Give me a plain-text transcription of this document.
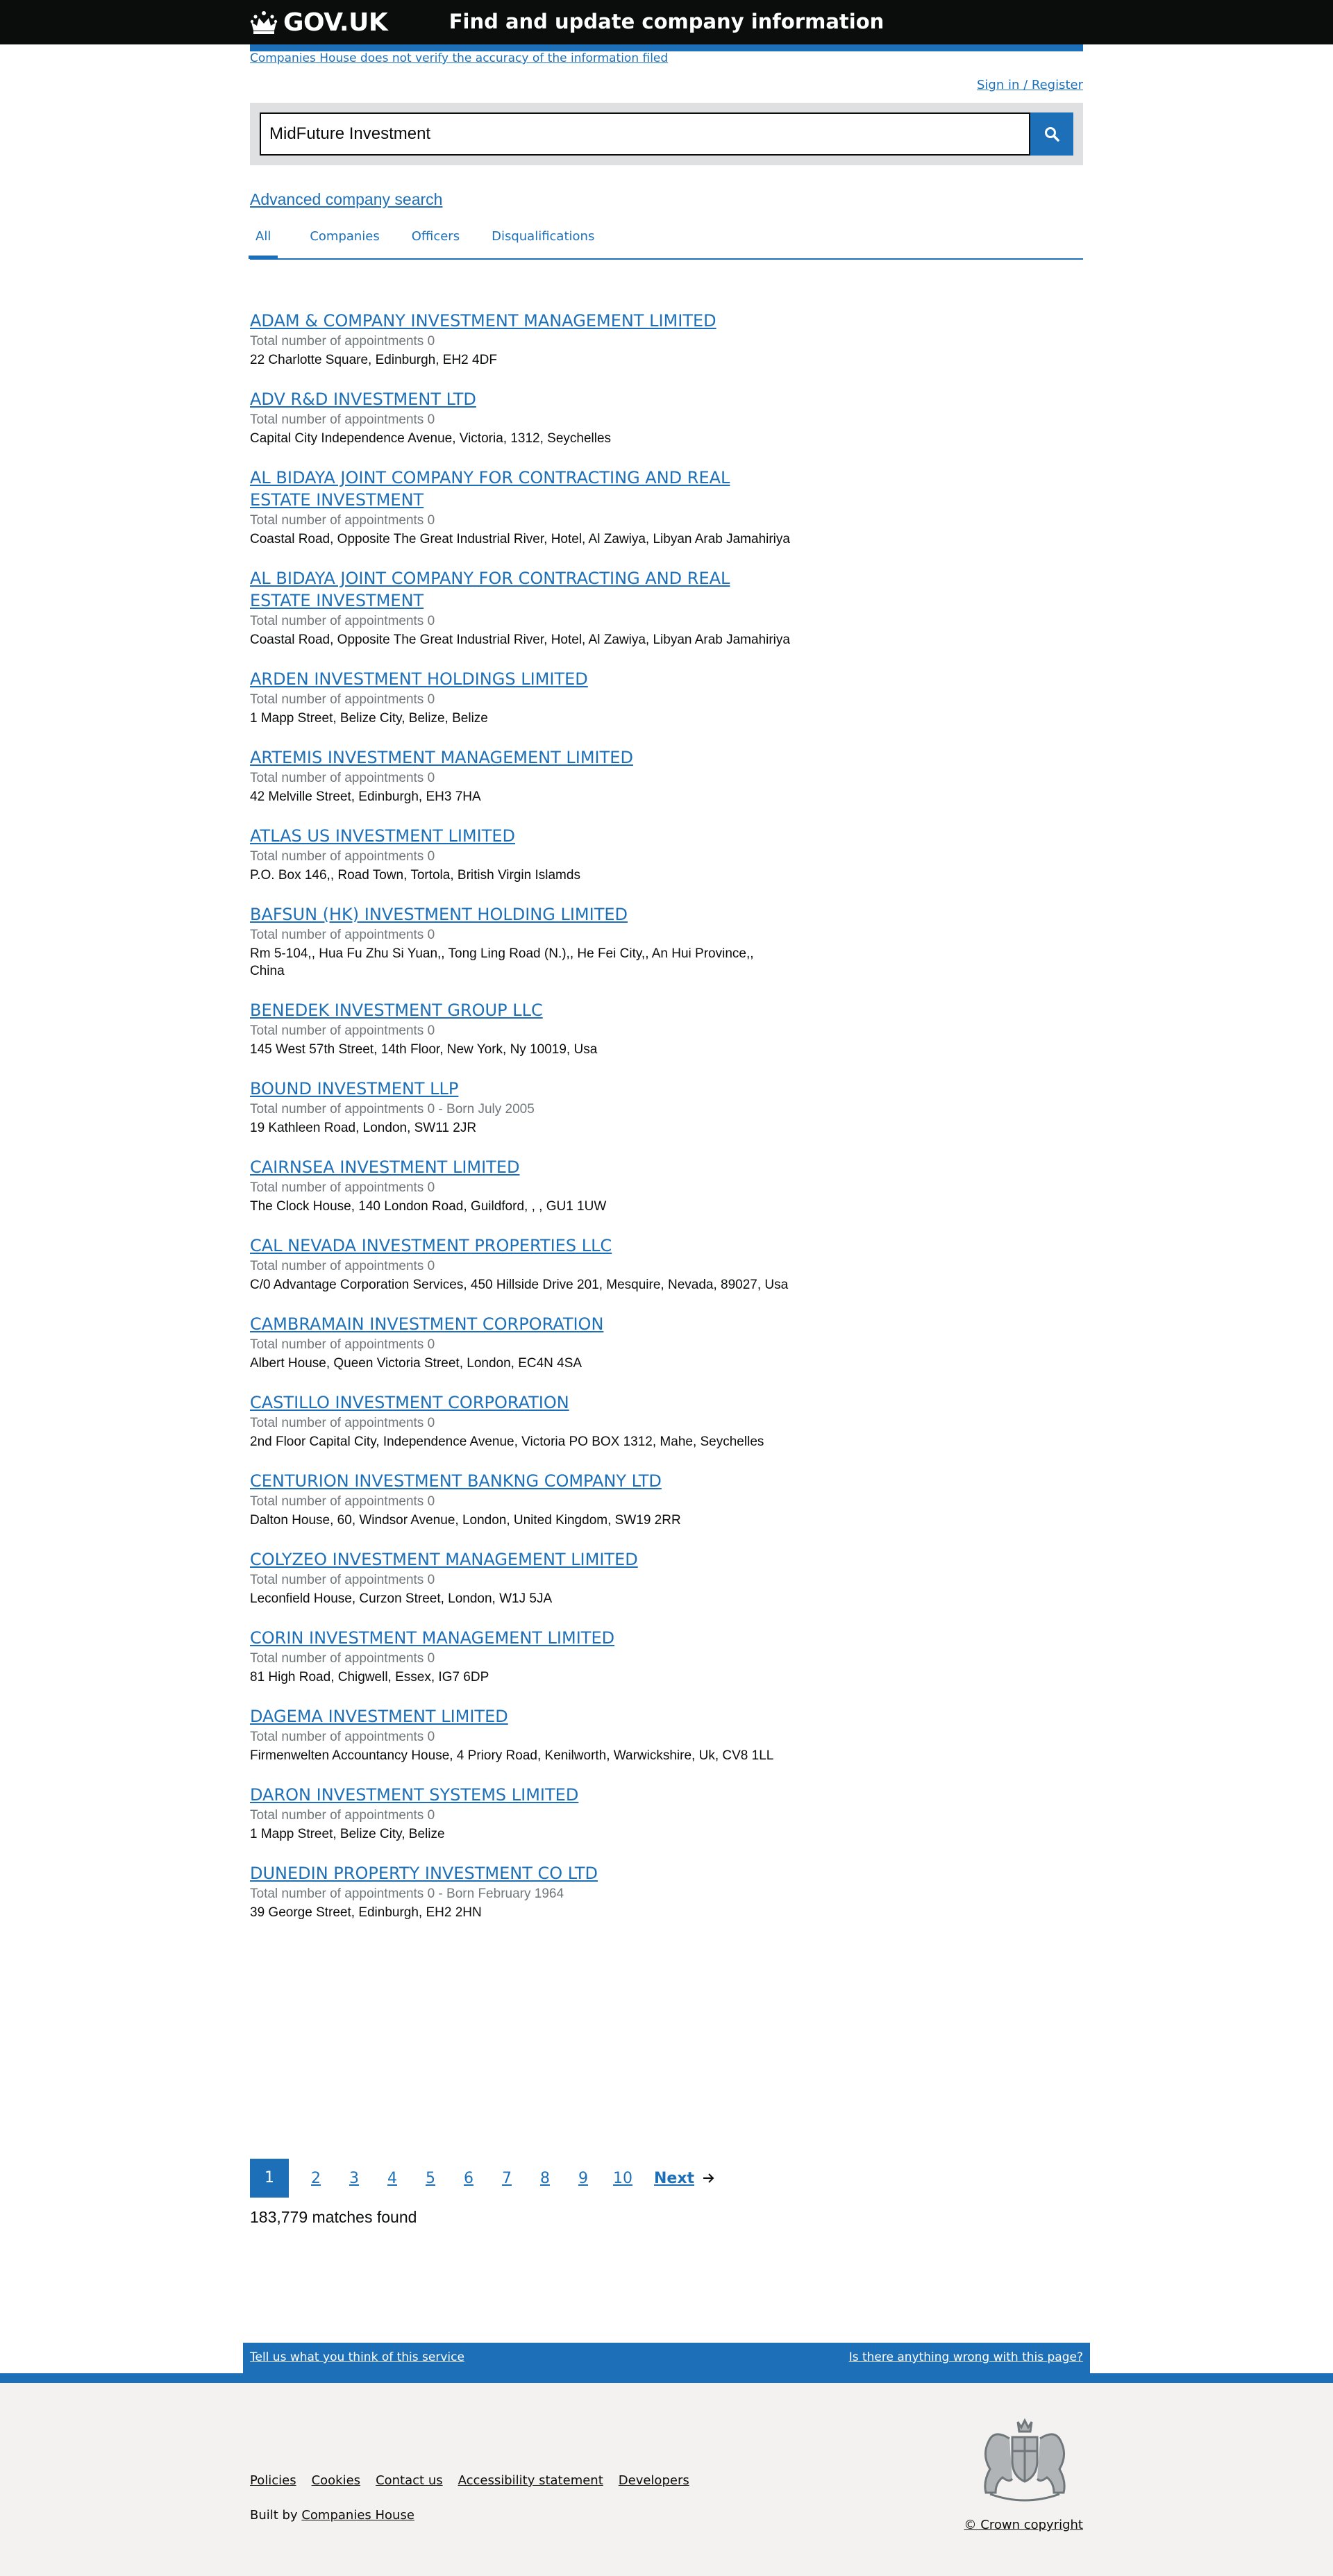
GOV.UK	Find and update company information
Companies House does not verify the accuracy of the information filed
Sign in / Register
MidFuture Investment
Advanced company search
All	Companies	Officers	Disqualifications
ADAM & COMPANY INVESTMENT MANAGEMENT LIMITED
Total number of appointments 0
22 Charlotte Square, Edinburgh, EH2 4DF
ADV R&D INVESTMENT LTD
Total number of appointments 0
Capital City Independence Avenue, Victoria, 1312, Seychelles
AL BIDAYA JOINT COMPANY FOR CONTRACTING AND REAL ESTATE INVESTMENT
Total number of appointments 0
Coastal Road, Opposite The Great Industrial River, Hotel, Al Zawiya, Libyan Arab Jamahiriya
AL BIDAYA JOINT COMPANY FOR CONTRACTING AND REAL ESTATE INVESTMENT
Total number of appointments 0
Coastal Road, Opposite The Great Industrial River, Hotel, Al Zawiya, Libyan Arab Jamahiriya
ARDEN INVESTMENT HOLDINGS LIMITED
Total number of appointments 0
1 Mapp Street, Belize City, Belize, Belize
ARTEMIS INVESTMENT MANAGEMENT LIMITED
Total number of appointments 0
42 Melville Street, Edinburgh, EH3 7HA
ATLAS US INVESTMENT LIMITED
Total number of appointments 0
P.O. Box 146,, Road Town, Tortola, British Virgin Islamds
BAFSUN (HK) INVESTMENT HOLDING LIMITED
Total number of appointments 0
Rm 5-104,, Hua Fu Zhu Si Yuan,, Tong Ling Road (N.),, He Fei City,, An Hui Province,, China
BENEDEK INVESTMENT GROUP LLC
Total number of appointments 0
145 West 57th Street, 14th Floor, New York, Ny 10019, Usa
BOUND INVESTMENT LLP
Total number of appointments 0 - Born July 2005
19 Kathleen Road, London, SW11 2JR
CAIRNSEA INVESTMENT LIMITED
Total number of appointments 0
The Clock House, 140 London Road, Guildford, , , GU1 1UW
CAL NEVADA INVESTMENT PROPERTIES LLC
Total number of appointments 0
C/0 Advantage Corporation Services, 450 Hillside Drive 201, Mesquire, Nevada, 89027, Usa
CAMBRAMAIN INVESTMENT CORPORATION
Total number of appointments 0
Albert House, Queen Victoria Street, London, EC4N 4SA
CASTILLO INVESTMENT CORPORATION
Total number of appointments 0
2nd Floor Capital City, Independence Avenue, Victoria PO BOX 1312, Mahe, Seychelles
CENTURION INVESTMENT BANKNG COMPANY LTD
Total number of appointments 0
Dalton House, 60, Windsor Avenue, London, United Kingdom, SW19 2RR
COLYZEO INVESTMENT MANAGEMENT LIMITED
Total number of appointments 0
Leconfield House, Curzon Street, London, W1J 5JA
CORIN INVESTMENT MANAGEMENT LIMITED
Total number of appointments 0
81 High Road, Chigwell, Essex, IG7 6DP
DAGEMA INVESTMENT LIMITED
Total number of appointments 0
Firmenwelten Accountancy House, 4 Priory Road, Kenilworth, Warwickshire, Uk, CV8 1LL
DARON INVESTMENT SYSTEMS LIMITED
Total number of appointments 0
1 Mapp Street, Belize City, Belize
DUNEDIN PROPERTY INVESTMENT CO LTD
Total number of appointments 0 - Born February 1964
39 George Street, Edinburgh, EH2 2HN
1	2 3 4 5 6 7 8 9 10 Next
183,779 matches found
Tell us what you think of this service	Is there anything wrong with this page?
Policies Cookies Contact us Accessibility statement Developers
Built by Companies House
© Crown copyright
